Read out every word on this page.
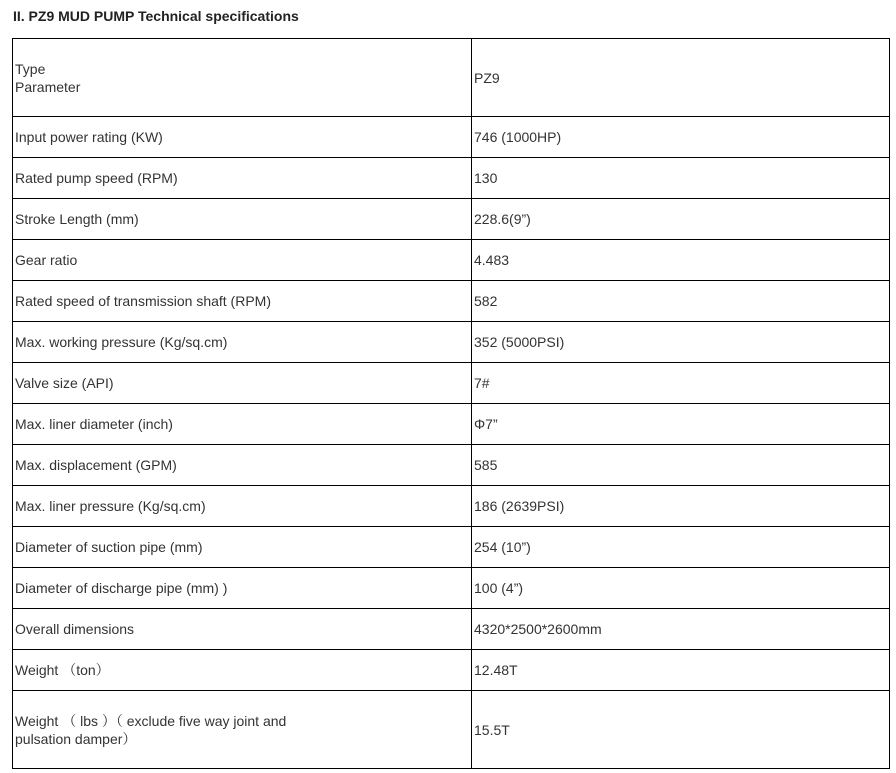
II. PZ9 MUD PUMP Technical specifications
Type
Parameter	PZ9
Input power rating (KW)	746 (1000HP)
Rated pump speed (RPM)	130
Stroke Length (mm)	228.6(9”)
Gear ratio	4.483
Rated speed of transmission shaft (RPM)	582
Max. working pressure (Kg/sq.cm)	352 (5000PSI)
Valve size (API)	7#
Max. liner diameter (inch)	Φ7”
Max. displacement (GPM)	585
Max. liner pressure (Kg/sq.cm)	186 (2639PSI)
Diameter of suction pipe (mm)	254 (10”)
Diameter of discharge pipe (mm) )	100 (4”)
Overall dimensions	4320*2500*2600mm
Weight （ton）	12.48T

Weight （ lbs ）（ exclude five way joint and
pulsation damper）	15.5T
